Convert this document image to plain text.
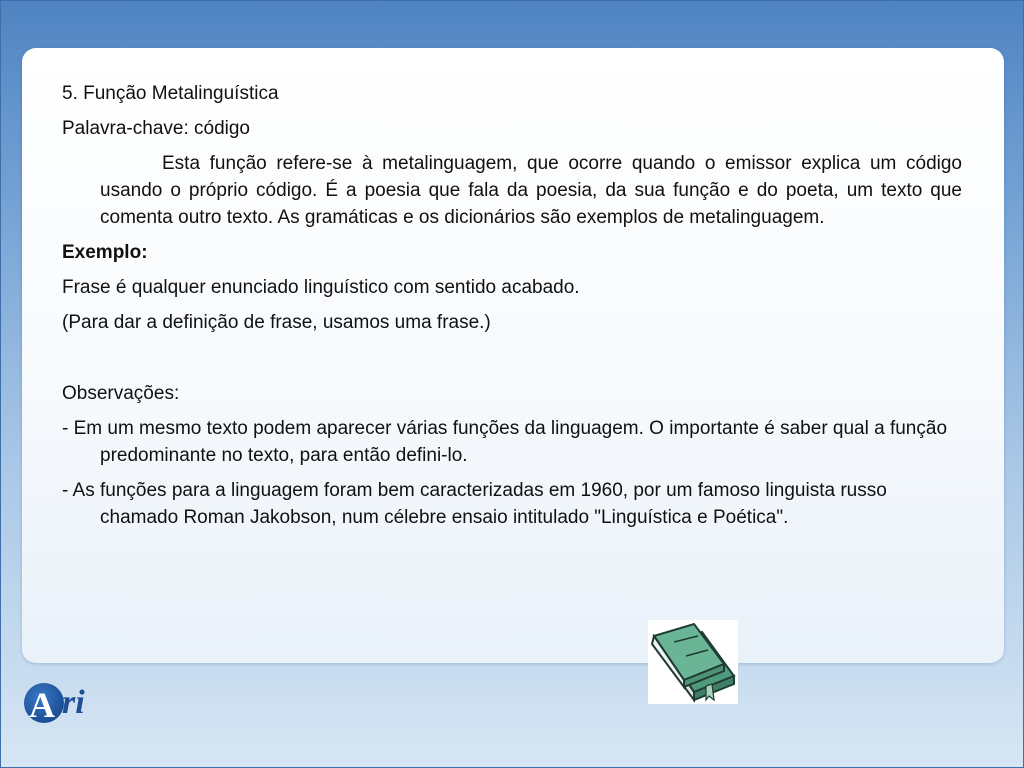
5. Função Metalinguística
Palavra-chave: código
Esta função refere-se à metalinguagem, que ocorre quando o emissor explica um código usando o próprio código. É a poesia que fala da poesia, da sua função e do poeta, um texto que comenta outro texto. As gramáticas e os dicionários são exemplos de metalinguagem.
Exemplo:
Frase é qualquer enunciado linguístico com sentido acabado.
(Para dar a definição de frase, usamos uma frase.)
Observações:
- Em um mesmo texto podem aparecer várias funções da linguagem. O importante é saber qual a função predominante no texto, para então defini-lo.
- As funções para a linguagem foram bem caracterizadas em 1960, por um famoso linguista russo chamado Roman Jakobson, num célebre ensaio intitulado "Linguística e Poética".
A ri
